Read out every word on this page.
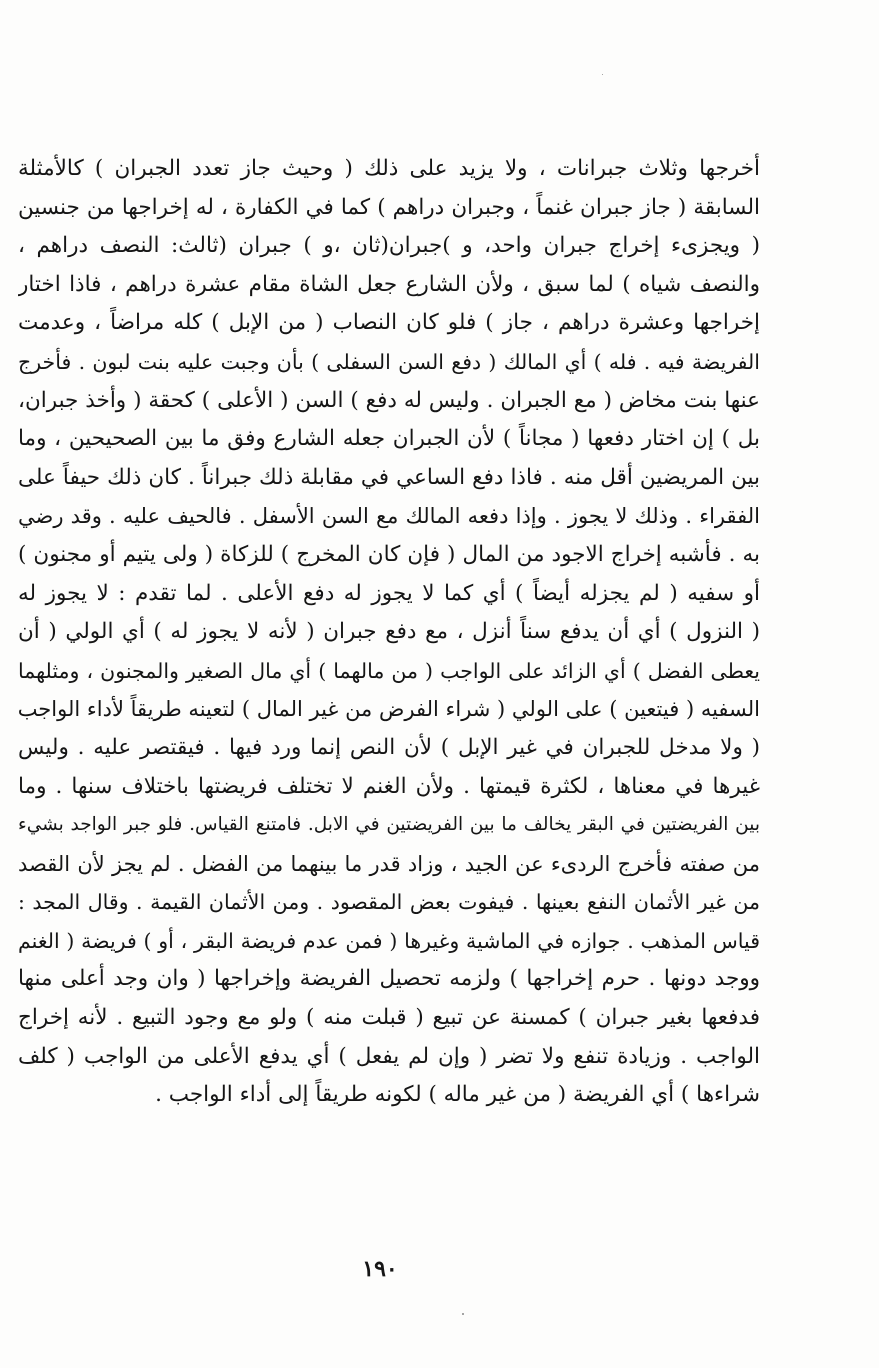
أخرجها وثلاث جبرانات ، ولا يزيد على ذلك ( وحيث جاز تعدد الجبران ) كالأمثلة
السابقة ( جاز جبران غنماً ، وجبران دراهم ) كما في الكفارة ، له إخراجها من جنسين
( ويجزىء إخراج جبران واحد، و )جبران(ثان ،و ) جبران (ثالث: النصف دراهم ،
والنصف شياه ) لما سبق ، ولأن الشارع جعل الشاة مقام عشرة دراهم ، فاذا اختار
إخراجها وعشرة دراهم ، جاز ) فلو كان النصاب ( من الإبل ) كله مراضاً ، وعدمت
الفريضة فيه . فله ) أي المالك ( دفع السن السفلى ) بأن وجبت عليه بنت لبون . فأخرج
عنها بنت مخاض ( مع الجبران . وليس له دفع ) السن ( الأعلى ) كحقة ( وأخذ جبران،
بل ) إن اختار دفعها ( مجاناً ) لأن الجبران جعله الشارع وفق ما بين الصحيحين ، وما
بين المريضين أقل منه . فاذا دفع الساعي في مقابلة ذلك جبراناً . كان ذلك حيفاً على
الفقراء . وذلك لا يجوز . وإذا دفعه المالك مع السن الأسفل . فالحيف عليه . وقد رضي
به . فأشبه إخراج الاجود من المال ( فإن كان المخرج ) للزكاة ( ولى يتيم أو مجنون )
أو سفيه ( لم يجزله أيضاً ) أي كما لا يجوز له دفع الأعلى . لما تقدم : لا يجوز له
( النزول ) أي أن يدفع سناً أنزل ، مع دفع جبران ( لأنه لا يجوز له ) أي الولي ( أن
يعطى الفضل ) أي الزائد على الواجب ( من مالهما ) أي مال الصغير والمجنون ، ومثلهما
السفيه ( فيتعين ) على الولي ( شراء الفرض من غير المال ) لتعينه طريقاً لأداء الواجب
( ولا مدخل للجبران في غير الإبل ) لأن النص إنما ورد فيها . فيقتصر عليه . وليس
غيرها في معناها ، لكثرة قيمتها . ولأن الغنم لا تختلف فريضتها باختلاف سنها . وما
بين الفريضتين في البقر يخالف ما بين الفريضتين في الابل. فامتنع القياس. فلو جبر الواجد بشيء
من صفته فأخرج الردىء عن الجيد ، وزاد قدر ما بينهما من الفضل . لم يجز لأن القصد
من غير الأثمان النفع بعينها . فيفوت بعض المقصود . ومن الأثمان القيمة . وقال المجد :
قياس المذهب . جوازه في الماشية وغيرها ( فمن عدم فريضة البقر ، أو ) فريضة ( الغنم
ووجد دونها . حرم إخراجها ) ولزمه تحصيل الفريضة وإخراجها ( وان وجد أعلى منها
فدفعها بغير جبران ) كمسنة عن تبيع ( قبلت منه ) ولو مع وجود التبيع . لأنه إخراج
الواجب . وزيادة تنفع ولا تضر ( وإن لم يفعل ) أي يدفع الأعلى من الواجب ( كلف
شراءها ) أي الفريضة ( من غير ماله ) لكونه طريقاً إلى أداء الواجب .
١٩٠
